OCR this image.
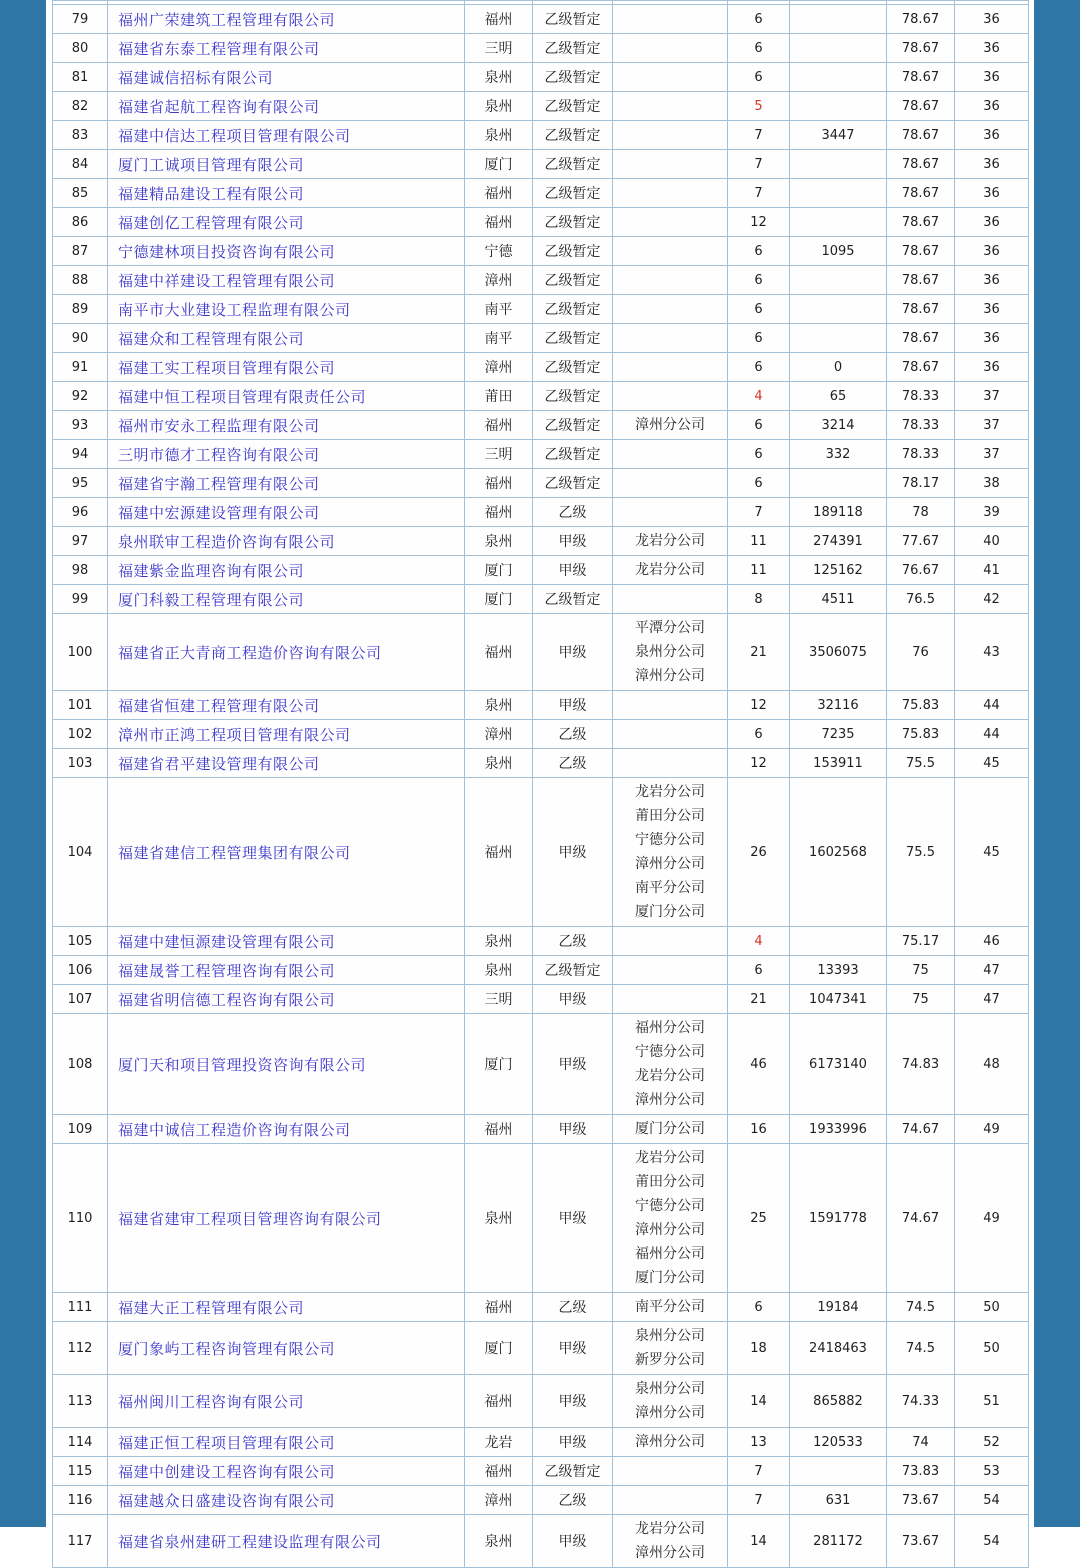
79	福州广荣建筑工程管理有限公司	福州	乙级暂定		6		78.67	36
80	福建省东泰工程管理有限公司	三明	乙级暂定		6		78.67	36
81	福建诚信招标有限公司	泉州	乙级暂定		6		78.67	36
82	福建省起航工程咨询有限公司	泉州	乙级暂定		5		78.67	36
83	福建中信达工程项目管理有限公司	泉州	乙级暂定		7	3447	78.67	36
84	厦门工诚项目管理有限公司	厦门	乙级暂定		7		78.67	36
85	福建精品建设工程有限公司	福州	乙级暂定		7		78.67	36
86	福建创亿工程管理有限公司	福州	乙级暂定		12		78.67	36
87	宁德建林项目投资咨询有限公司	宁德	乙级暂定		6	1095	78.67	36
88	福建中祥建设工程管理有限公司	漳州	乙级暂定		6		78.67	36
89	南平市大业建设工程监理有限公司	南平	乙级暂定		6		78.67	36
90	福建众和工程管理有限公司	南平	乙级暂定		6		78.67	36
91	福建工实工程项目管理有限公司	漳州	乙级暂定		6	0	78.67	36
92	福建中恒工程项目管理有限责任公司	莆田	乙级暂定		4	65	78.33	37
93	福州市安永工程监理有限公司	福州	乙级暂定	漳州分公司	6	3214	78.33	37
94	三明市德才工程咨询有限公司	三明	乙级暂定		6	332	78.33	37
95	福建省宇瀚工程管理有限公司	福州	乙级暂定		6		78.17	38
96	福建中宏源建设管理有限公司	福州	乙级		7	189118	78	39
97	泉州联审工程造价咨询有限公司	泉州	甲级	龙岩分公司	11	274391	77.67	40
98	福建紫金监理咨询有限公司	厦门	甲级	龙岩分公司	11	125162	76.67	41
99	厦门科毅工程管理有限公司	厦门	乙级暂定		8	4511	76.5	42
100	福建省正大青商工程造价咨询有限公司	福州	甲级	平潭分公司
泉州分公司
漳州分公司	21	3506075	76	43
101	福建省恒建工程管理有限公司	泉州	甲级		12	32116	75.83	44
102	漳州市正鸿工程项目管理有限公司	漳州	乙级		6	7235	75.83	44
103	福建省君平建设管理有限公司	泉州	乙级		12	153911	75.5	45
104	福建省建信工程管理集团有限公司	福州	甲级	
龙岩分公司
莆田分公司
宁德分公司
漳州分公司
南平分公司
厦门分公司
	26	1602568	75.5	45
105	福建中建恒源建设管理有限公司	泉州	乙级		4		75.17	46
106	福建晟誉工程管理咨询有限公司	泉州	乙级暂定		6	13393	75	47
107	福建省明信德工程咨询有限公司	三明	甲级		21	1047341	75	47
108	厦门天和项目管理投资咨询有限公司	厦门	甲级	福州分公司
宁德分公司
龙岩分公司
漳州分公司	46	6173140	74.83	48
109	福建中诚信工程造价咨询有限公司	福州	甲级	厦门分公司	16	1933996	74.67	49
110	福建省建审工程项目管理咨询有限公司	泉州	甲级	
龙岩分公司
莆田分公司
宁德分公司
漳州分公司
福州分公司
厦门分公司
	25	1591778	74.67	49
111	福建大正工程管理有限公司	福州	乙级	南平分公司	6	19184	74.5	50
112	厦门象屿工程咨询管理有限公司	厦门	甲级	泉州分公司
新罗分公司	18	2418463	74.5	50
113	福州闽川工程咨询有限公司	福州	甲级	泉州分公司
漳州分公司	14	865882	74.33	51
114	福建正恒工程项目管理有限公司	龙岩	甲级	漳州分公司	13	120533	74	52
115	福建中创建设工程咨询有限公司	福州	乙级暂定		7		73.83	53
116	福建越众日盛建设咨询有限公司	漳州	乙级		7	631	73.67	54
117	福建省泉州建研工程建设监理有限公司	泉州	甲级	龙岩分公司
漳州分公司	14	281172	73.67	54
